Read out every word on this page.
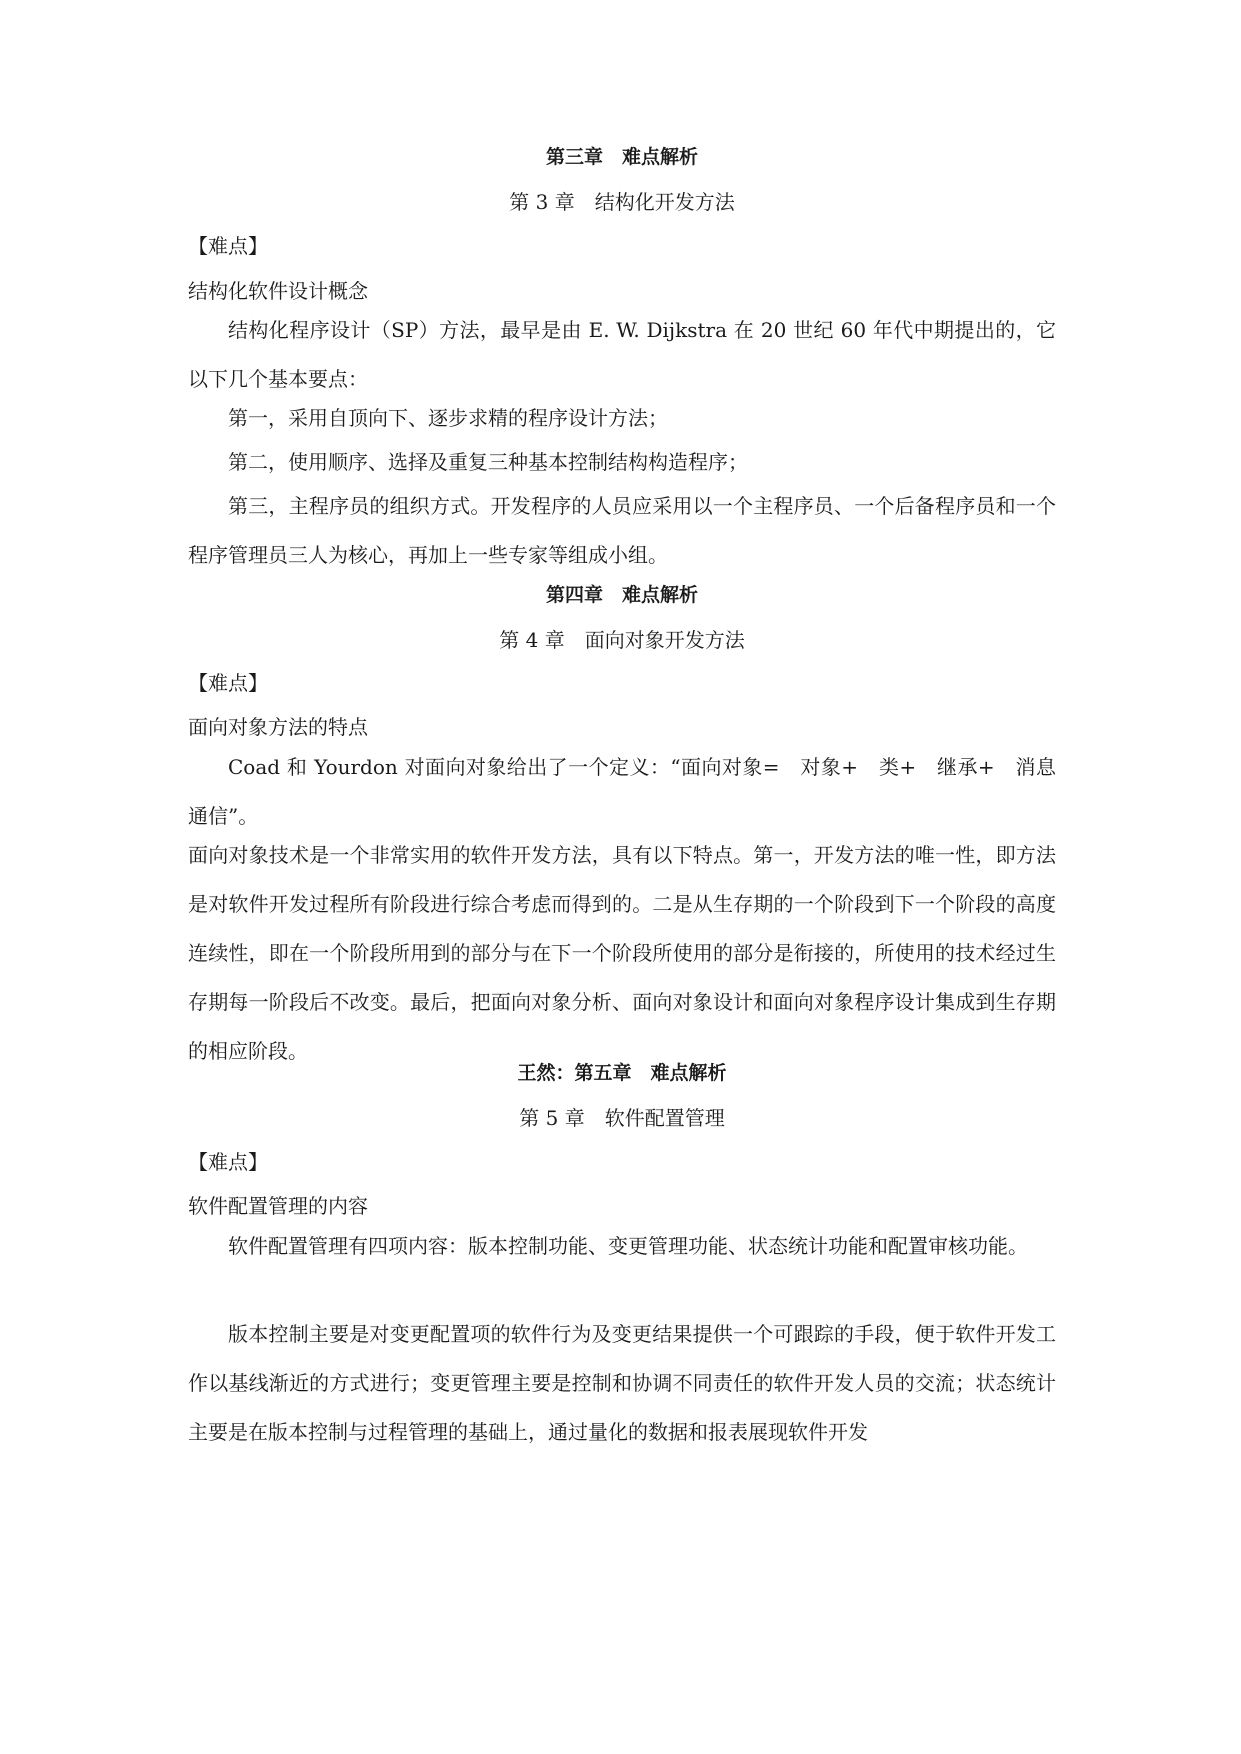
第三章　难点解析
第 3 章　结构化开发方法
【难点】
结构化软件设计概念

结构化程序设计（SP）方法，最早是由 E. W. Dijkstra 在 20 世纪 60 年代中期提出的，它以下几个基本要点：

第一，采用自顶向下、逐步求精的程序设计方法；

第二，使用顺序、选择及重复三种基本控制结构构造程序；

第三，主程序员的组织方式。开发程序的人员应采用以一个主程序员、一个后备程序员和一个程序管理员三人为核心，再加上一些专家等组成小组。

第四章　难点解析
第 4 章　面向对象开发方法
【难点】
面向对象方法的特点

Coad 和 Yourdon 对面向对象给出了一个定义：“面向对象=　对象+　类+　继承+　消息通信”。

面向对象技术是一个非常实用的软件开发方法，具有以下特点。第一，开发方法的唯一性，即方法是对软件开发过程所有阶段进行综合考虑而得到的。二是从生存期的一个阶段到下一个阶段的高度连续性，即在一个阶段所用到的部分与在下一个阶段所使用的部分是衔接的，所使用的技术经过生存期每一阶段后不改变。最后，把面向对象分析、面向对象设计和面向对象程序设计集成到生存期的相应阶段。

王然：第五章　难点解析
第 5 章　软件配置管理
【难点】
软件配置管理的内容

软件配置管理有四项内容：版本控制功能、变更管理功能、状态统计功能和配置审核功能。

版本控制主要是对变更配置项的软件行为及变更结果提供一个可跟踪的手段，便于软件开发工作以基线渐近的方式进行；变更管理主要是控制和协调不同责任的软件开发人员的交流；状态统计主要是在版本控制与过程管理的基础上，通过量化的数据和报表展现软件开发
